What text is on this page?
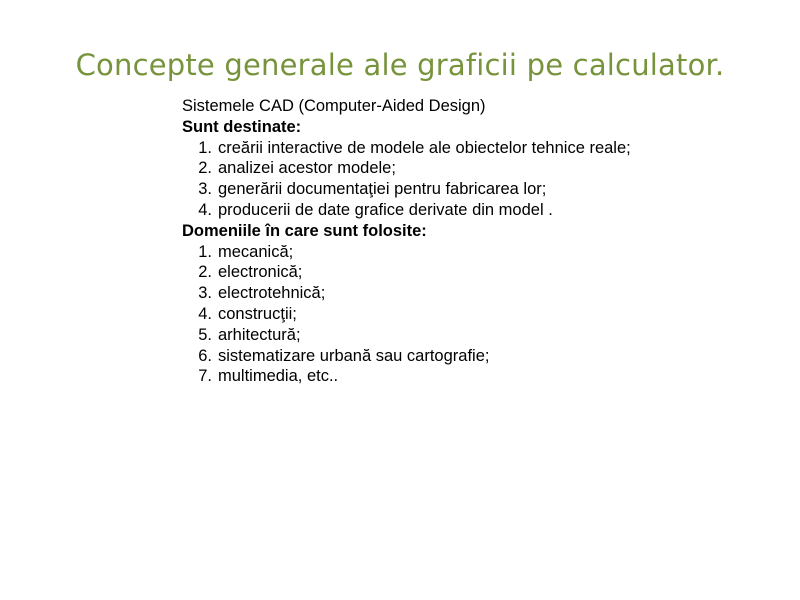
Concepte generale ale graficii pe calculator.
Sistemele CAD (Computer-Aided Design)
Sunt destinate:
1. creării interactive de modele ale obiectelor tehnice reale;
2. analizei acestor modele;
3. generării documentaţiei pentru fabricarea lor;
4. producerii de date grafice derivate din model .
Domeniile în care sunt folosite:
1. mecanică;
2. electronică;
3. electrotehnică;
4. construcţii;
5. arhitectură;
6. sistematizare urbană sau cartografie;
7. multimedia, etc..
